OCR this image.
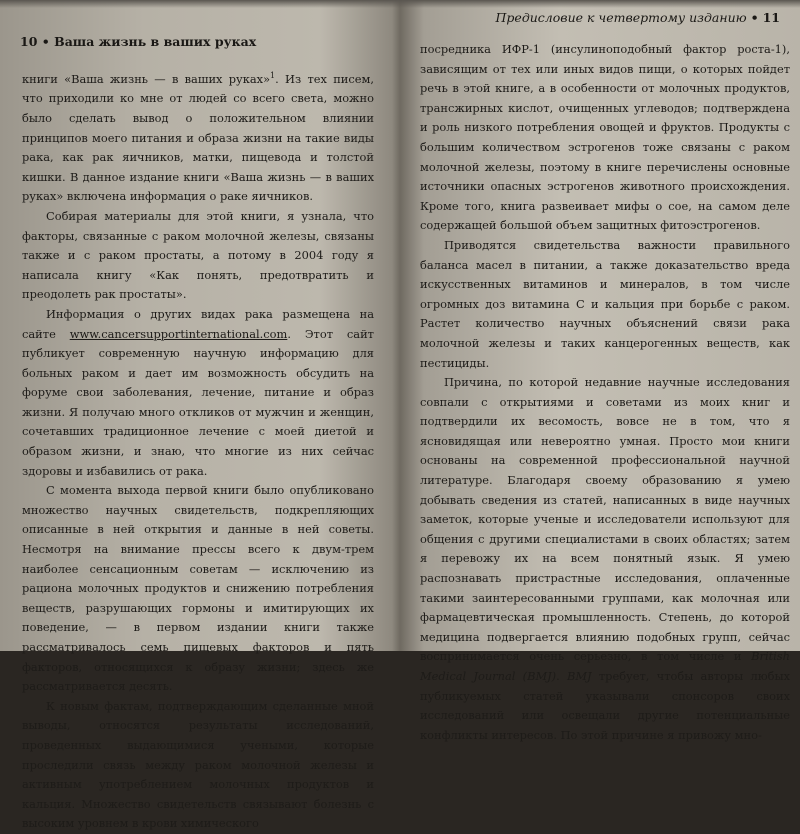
10 • Ваша жизнь в ваших руках

книги «Ваша жизнь — в ваших руках»$^1$. Из тех писем, что приходили ко мне от людей со всего света, можно было сделать вывод о положительном влиянии принципов моего питания и образа жизни на такие виды рака, как рак яичников, матки, пищевода и толстой кишки. В данное издание книги «Ваша жизнь — в ваших руках» включена информация о раке яичников.

Собирая материалы для этой книги, я узнала, что факторы, связанные с раком молочной железы, связаны также и с раком простаты, а потому в 2004 году я написала книгу «Как понять, предотвратить и преодолеть рак простаты».

Информация о других видах рака размещена на сайте www.cancersupportinternational.com. Этот сайт публикует современную научную информацию для больных раком и дает им возможность обсудить на форуме свои заболевания, лечение, питание и образ жизни. Я получаю много откликов от мужчин и женщин, сочетавших традиционное лечение с моей диетой и образом жизни, и знаю, что многие из них сейчас здоровы и избавились от рака.

С момента выхода первой книги было опубликовано множество научных свидетельств, подкрепляющих описанные в ней открытия и данные в ней советы. Несмотря на внимание прессы всего к двум-трем наиболее сенсационным советам — исключению из рациона молочных продуктов и снижению потребления веществ, разрушающих гормоны и имитирующих их поведение, — в первом издании книги также рассматривалось семь пищевых факторов и пять факторов, относящихся к образу жизни; здесь же рассматривается десять.

К новым фактам, подтверждающим сделанные мной выводы, относятся результаты исследований, проведенных выдающимися учеными, которые проследили связь между раком молочной железы и активным употреблением молочных продуктов и кальция. Множество свидетельств связывают болезнь с высоким уровнем в крови химического

Предисловие к четвертому изданию • 11

посредника ИФР-1 (инсулиноподобный фактор роста-1), зависящим от тех или иных видов пищи, о которых пойдет речь в этой книге, а в особенности от молочных продуктов, трансжирных кислот, очищенных углеводов; подтверждена и роль низкого потребления овощей и фруктов. Продукты с большим количеством эстрогенов тоже связаны с раком молочной железы, поэтому в книге перечислены основные источники опасных эстрогенов животного происхождения. Кроме того, книга развеивает мифы о сое, на самом деле содержащей большой объем защитных фитоэстрогенов.

Приводятся свидетельства важности правильного баланса масел в питании, а также доказательство вреда искусственных витаминов и минералов, в том числе огромных доз витамина С и кальция при борьбе с раком. Растет количество научных объяснений связи рака молочной железы и таких канцерогенных веществ, как пестициды.

Причина, по которой недавние научные исследования совпали с открытиями и советами из моих книг и подтвердили их весомость, вовсе не в том, что я ясновидящая или невероятно умная. Просто мои книги основаны на современной профессиональной научной литературе. Благодаря своему образованию я умею добывать сведения из статей, написанных в виде научных заметок, которые ученые и исследователи используют для общения с другими специалистами в своих областях; затем я перевожу их на всем понятный язык. Я умею распознавать пристрастные исследования, оплаченные такими заинтересованными группами, как молочная или фармацевтическая промышленность. Степень, до которой медицина подвергается влиянию подобных групп, сейчас воспринимается очень серьезно, в том числе и British Medical Journal (BMJ). BMJ требует, чтобы авторы любых публикуемых статей указывали спонсоров своих исследований или освещали другие потенциальные конфликты интересов. По этой причине я привожу мно-
